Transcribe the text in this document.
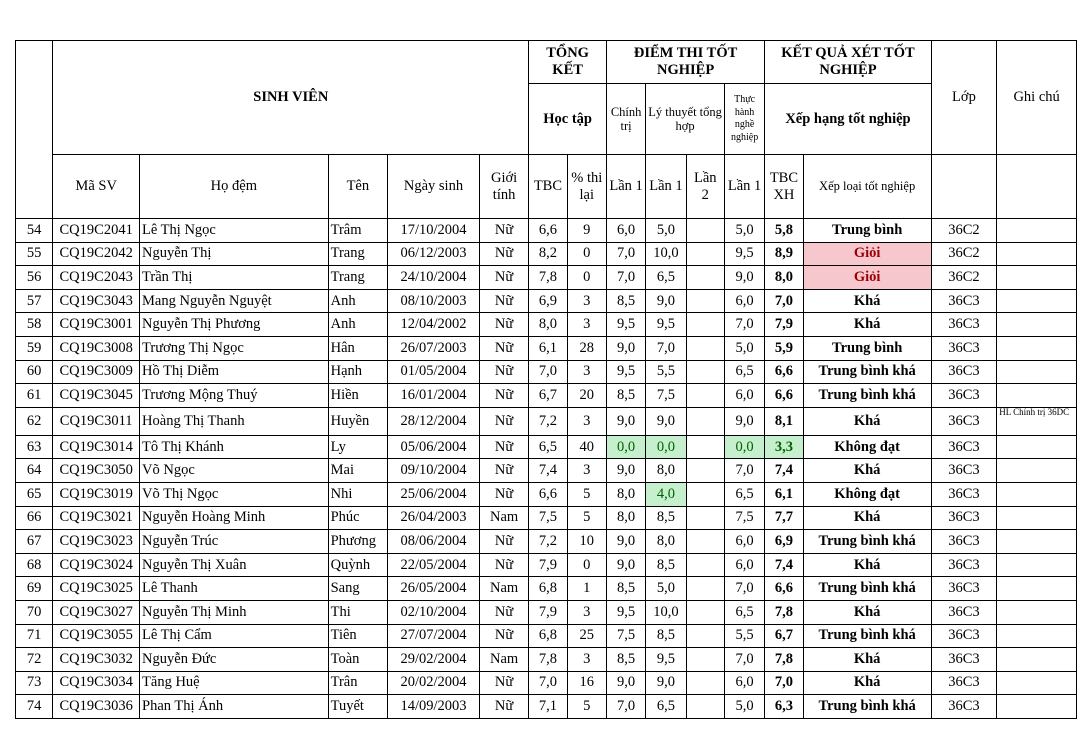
	SINH VIÊN					TỔNG KẾT		ĐIỂM THI TỐT NGHIỆP				KẾT QUẢ XÉT TỐT NGHIỆP		Lớp	Ghi chú
						Học tập		Chính trị	Lý thuyết tổng hợp		Thực hành nghề nghiệp	Xếp hạng tốt nghiệp			
	Mã SV	Họ đệm	Tên	Ngày sinh	Giới tính	TBC	% thi lại	Lần 1	Lần 1	Lần 2	Lần 1	TBC XH	Xếp loại tốt nghiệp		
54	CQ19C2041	Lê Thị Ngọc	Trâm	17/10/2004	Nữ	6,6	9	6,0	5,0		5,0	5,8	Trung bình	36C2	
55	CQ19C2042	Nguyễn Thị	Trang	06/12/2003	Nữ	8,2	0	7,0	10,0		9,5	8,9	Giỏi	36C2	
56	CQ19C2043	Trần Thị	Trang	24/10/2004	Nữ	7,8	0	7,0	6,5		9,0	8,0	Giỏi	36C2	
57	CQ19C3043	Mang Nguyễn Nguyệt	Anh	08/10/2003	Nữ	6,9	3	8,5	9,0		6,0	7,0	Khá	36C3	
58	CQ19C3001	Nguyễn Thị Phương	Anh	12/04/2002	Nữ	8,0	3	9,5	9,5		7,0	7,9	Khá	36C3	
59	CQ19C3008	Trương Thị Ngọc	Hân	26/07/2003	Nữ	6,1	28	9,0	7,0		5,0	5,9	Trung bình	36C3	
60	CQ19C3009	Hồ Thị Diễm	Hạnh	01/05/2004	Nữ	7,0	3	9,5	5,5		6,5	6,6	Trung bình khá	36C3	
61	CQ19C3045	Trương Mộng Thuý	Hiền	16/01/2004	Nữ	6,7	20	8,5	7,5		6,0	6,6	Trung bình khá	36C3	
62	CQ19C3011	Hoàng Thị Thanh	Huyền	28/12/2004	Nữ	7,2	3	9,0	9,0		9,0	8,1	Khá	36C3	HL Chính trị 36DC
63	CQ19C3014	Tô Thị Khánh	Ly	05/06/2004	Nữ	6,5	40	0,0	0,0		0,0	3,3	Không đạt	36C3	
64	CQ19C3050	Võ Ngọc	Mai	09/10/2004	Nữ	7,4	3	9,0	8,0		7,0	7,4	Khá	36C3	
65	CQ19C3019	Võ Thị Ngọc	Nhi	25/06/2004	Nữ	6,6	5	8,0	4,0		6,5	6,1	Không đạt	36C3	
66	CQ19C3021	Nguyễn Hoàng Minh	Phúc	26/04/2003	Nam	7,5	5	8,0	8,5		7,5	7,7	Khá	36C3	
67	CQ19C3023	Nguyễn Trúc	Phương	08/06/2004	Nữ	7,2	10	9,0	8,0		6,0	6,9	Trung bình khá	36C3	
68	CQ19C3024	Nguyễn Thị Xuân	Quỳnh	22/05/2004	Nữ	7,9	0	9,0	8,5		6,0	7,4	Khá	36C3	
69	CQ19C3025	Lê Thanh	Sang	26/05/2004	Nam	6,8	1	8,5	5,0		7,0	6,6	Trung bình khá	36C3	
70	CQ19C3027	Nguyễn Thị Minh	Thi	02/10/2004	Nữ	7,9	3	9,5	10,0		6,5	7,8	Khá	36C3	
71	CQ19C3055	Lê Thị Cẩm	Tiên	27/07/2004	Nữ	6,8	25	7,5	8,5		5,5	6,7	Trung bình khá	36C3	
72	CQ19C3032	Nguyễn Đức	Toàn	29/02/2004	Nam	7,8	3	8,5	9,5		7,0	7,8	Khá	36C3	
73	CQ19C3034	Tăng Huệ	Trân	20/02/2004	Nữ	7,0	16	9,0	9,0		6,0	7,0	Khá	36C3	
74	CQ19C3036	Phan Thị Ánh	Tuyết	14/09/2003	Nữ	7,1	5	7,0	6,5		5,0	6,3	Trung bình khá	36C3	
